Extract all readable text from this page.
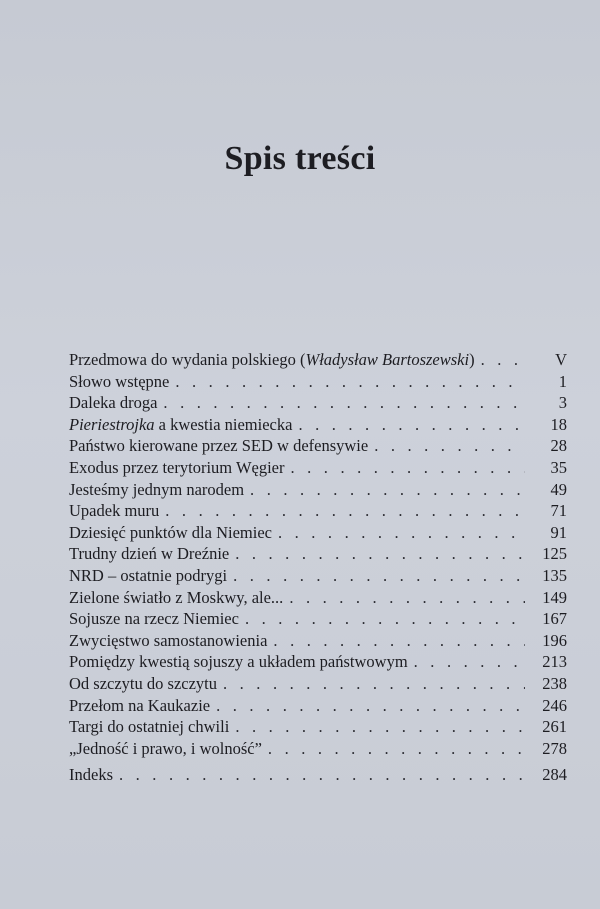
Spis treści
Przedmowa do wydania polskiego (Władysław Bartoszewski) . . .	V
Słowo wstępne . . .	1
Daleka droga . . .	3
Pieriestrojka a kwestia niemiecka . . .	18
Państwo kierowane przez SED w defensywie . . .	28
Exodus przez terytorium Węgier . . .	35
Jesteśmy jednym narodem . . .	49
Upadek muru . . .	71
Dziesięć punktów dla Niemiec . . .	91
Trudny dzień w Dreźnie . . .	125
NRD – ostatnie podrygi . . .	135
Zielone światło z Moskwy, ale... . . .	149
Sojusze na rzecz Niemiec . . .	167
Zwycięstwo samostanowienia . . .	196
Pomiędzy kwestią sojuszy a układem państwowym . . .	213
Od szczytu do szczytu . . .	238
Przełom na Kaukazie . . .	246
Targi do ostatniej chwili . . .	261
„Jedność i prawo, i wolność” . . .	278
Indeks . . .	284
